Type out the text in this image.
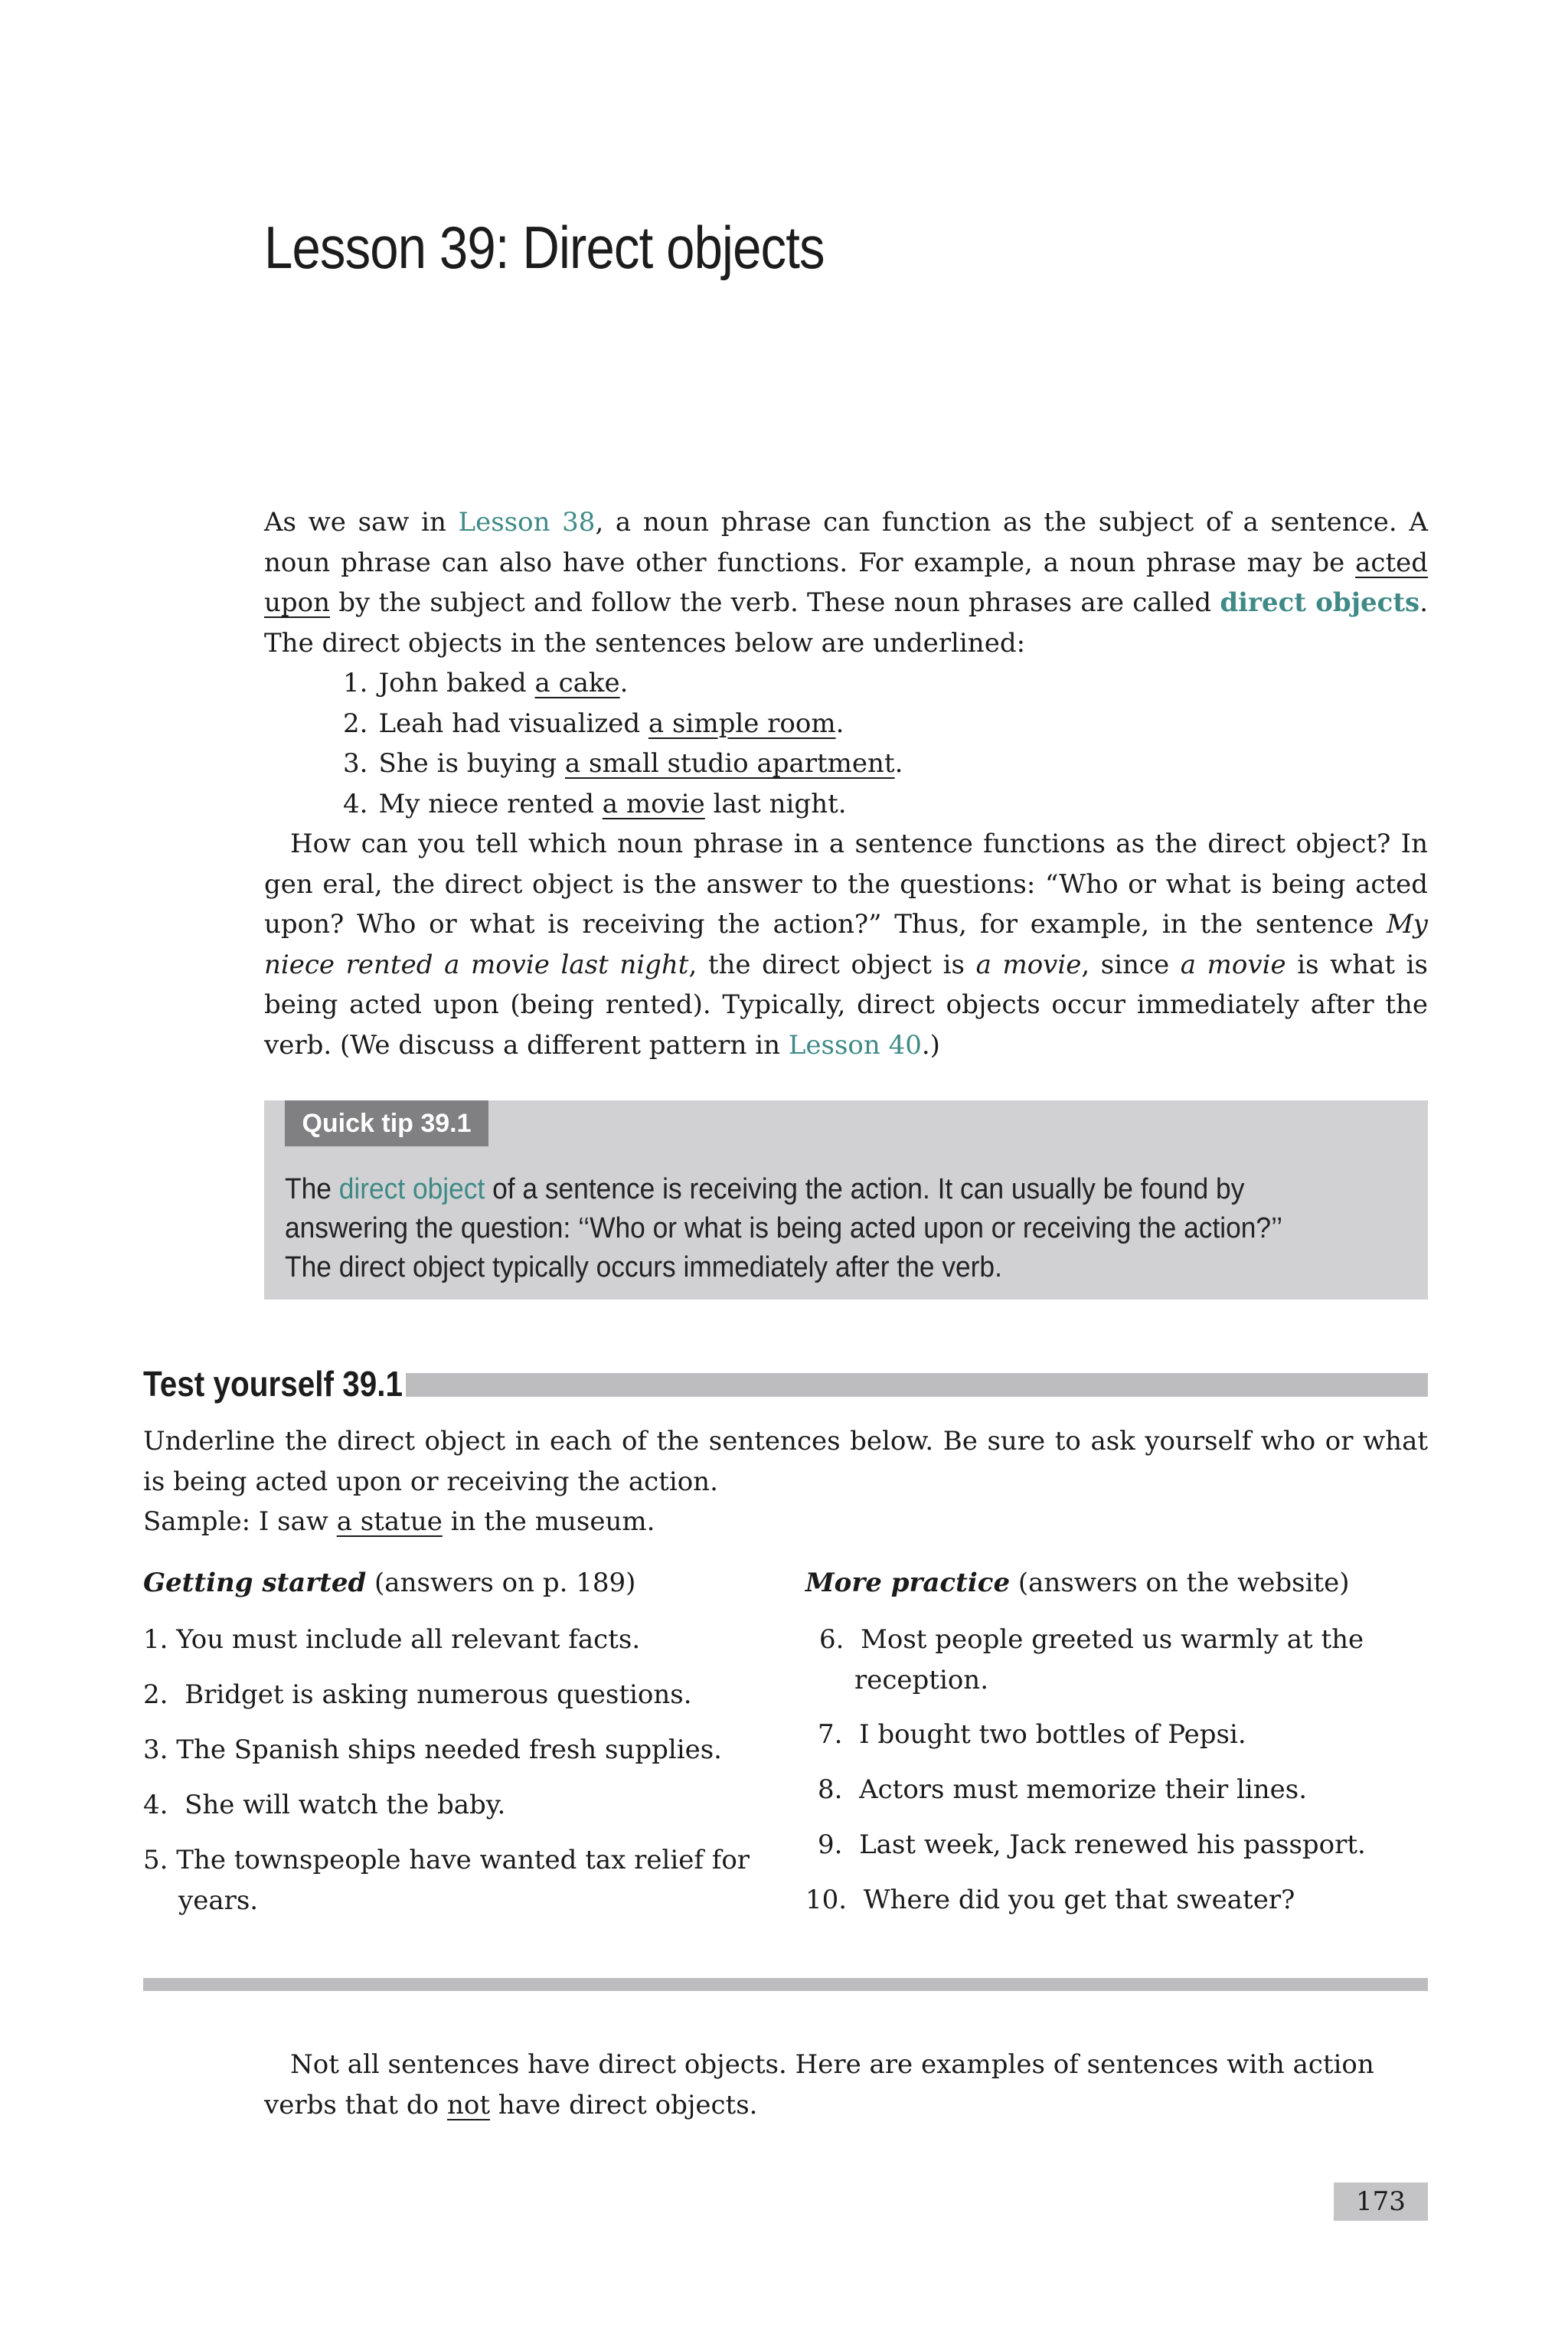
Lesson 39: Direct objects

As we saw in Lesson 38, a noun phrase can function as the subject of a sentence. A noun phrase can also have other functions. For example, a noun phrase may be acted upon by the subject and follow the verb. These noun phrases are called direct objects. The direct objects in the sentences below are underlined:

1. John baked a cake.
2. Leah had visualized a simple room.
3. She is buying a small studio apartment.
4. My niece rented a movie last night.

How can you tell which noun phrase in a sentence functions as the direct object? In gen eral, the direct object is the answer to the questions: “Who or what is being acted upon? Who or what is receiving the action?” Thus, for example, in the sentence My niece rented a movie last night, the direct object is a movie, since a movie is what is being acted upon (being rented). Typically, direct objects occur immediately after the verb. (We discuss a different pattern in Lesson 40.)

Quick tip 39.1
The direct object of a sentence is receiving the action. It can usually be found by answering the question: ‘‘Who or what is being acted upon or receiving the action?’’ The direct object typically occurs immediately after the verb.
Test yourself 39.1

Underline the direct object in each of the sentences below. Be sure to ask yourself who or what is being acted upon or receiving the action.

Sample: I saw a statue in the museum.

Getting started (answers on p. 189)
1. You must include all relevant facts.
2. Bridget is asking numerous questions.
3. The Spanish ships needed fresh supplies.
4. She will watch the baby.
5. The townspeople have wanted tax relief for
years.
More practice (answers on the website)
6. Most people greeted us warmly at the
reception.
7. I bought two bottles of Pepsi.
8. Actors must memorize their lines.
9. Last week, Jack renewed his passport.
10. Where did you get that sweater?

Not all sentences have direct objects. Here are examples of sentences with action verbs that do not have direct objects.

173
